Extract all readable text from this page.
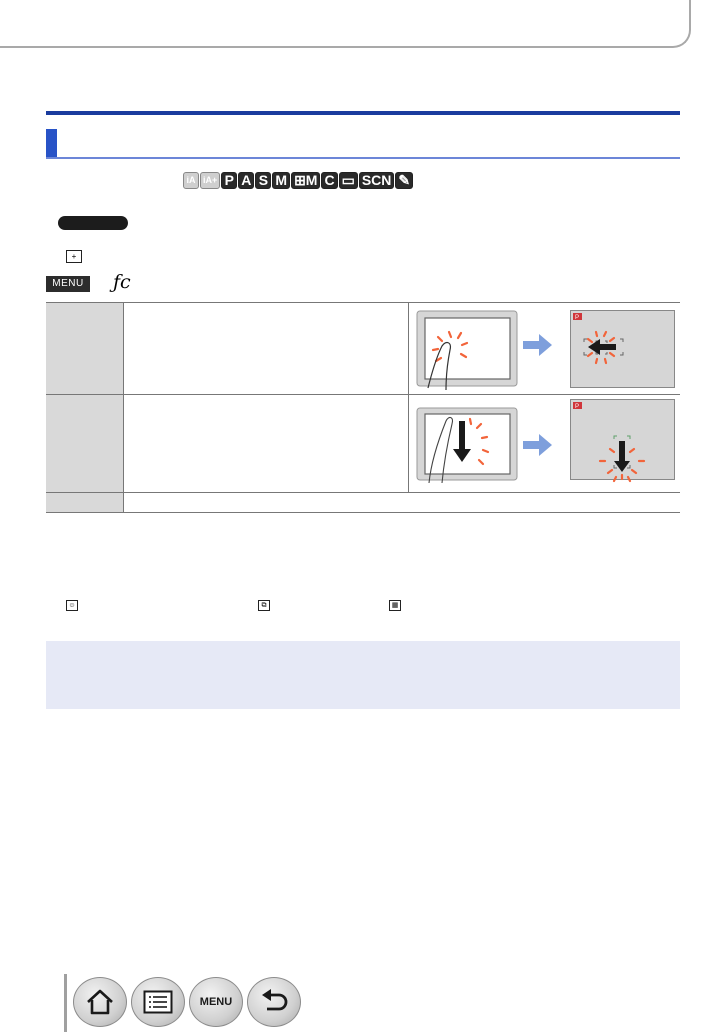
iA iA+ P A S M ⊞M C ▭ SCN ✎
+
MENU	ƒc
P
P
☺	⧉	▦
MENU
